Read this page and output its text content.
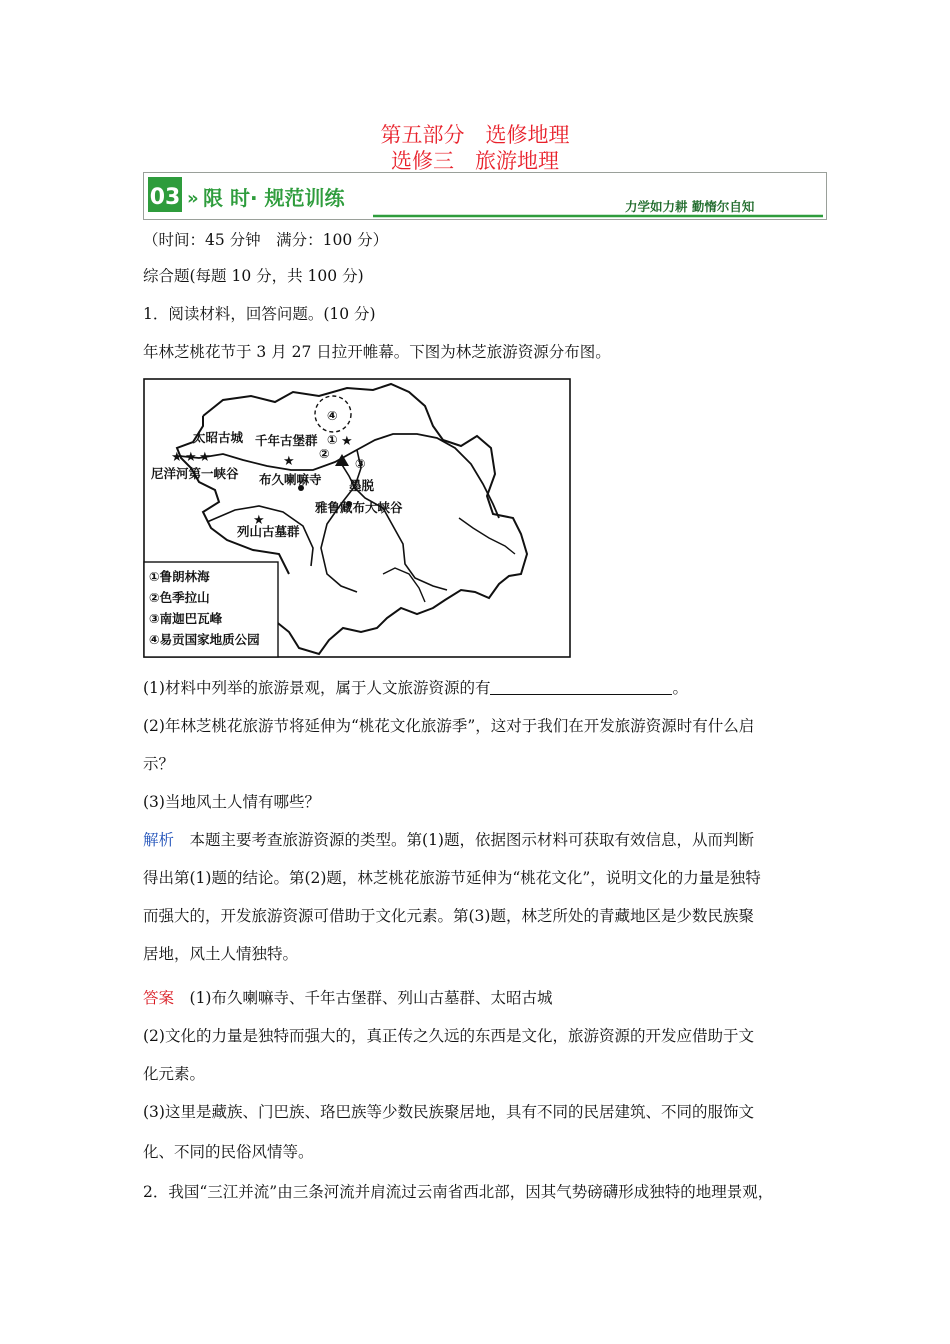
第五部分　选修地理
选修三　旅游地理
03 » 限 时· 规范训练	力学如力耕 勤惰尔自知
（时间：45 分钟　满分：100 分）
综合题(每题 10 分，共 100 分)
1．阅读材料，回答问题。(10 分)
年林芝桃花节于 3 月 27 日拉开帷幕。下图为林芝旅游资源分布图。
★ ★ ★	★
★
★
太昭古城 千年古堡群
尼洋河第一峡谷 布久喇嘛寺
列山古墓群
墨脱
雅鲁藏布大峡谷
④
①
②
③
①鲁朗林海
②色季拉山
③南迦巴瓦峰
④易贡国家地质公园
(1)材料中列举的旅游景观，属于人文旅游资源的有	。
(2)年林芝桃花旅游节将延伸为“桃花文化旅游季”，这对于我们在开发旅游资源时有什么启
示？
(3)当地风土人情有哪些？
解析　本题主要考查旅游资源的类型。第(1)题，依据图示材料可获取有效信息，从而判断
得出第(1)题的结论。第(2)题，林芝桃花旅游节延伸为“桃花文化”，说明文化的力量是独特
而强大的，开发旅游资源可借助于文化元素。第(3)题，林芝所处的青藏地区是少数民族聚
居地，风土人情独特。
答案　(1)布久喇嘛寺、千年古堡群、列山古墓群、太昭古城
(2)文化的力量是独特而强大的，真正传之久远的东西是文化，旅游资源的开发应借助于文
化元素。
(3)这里是藏族、门巴族、珞巴族等少数民族聚居地，具有不同的民居建筑、不同的服饰文
化、不同的民俗风情等。
2．我国“三江并流”由三条河流并肩流过云南省西北部，因其气势磅礴形成独特的地理景观，
